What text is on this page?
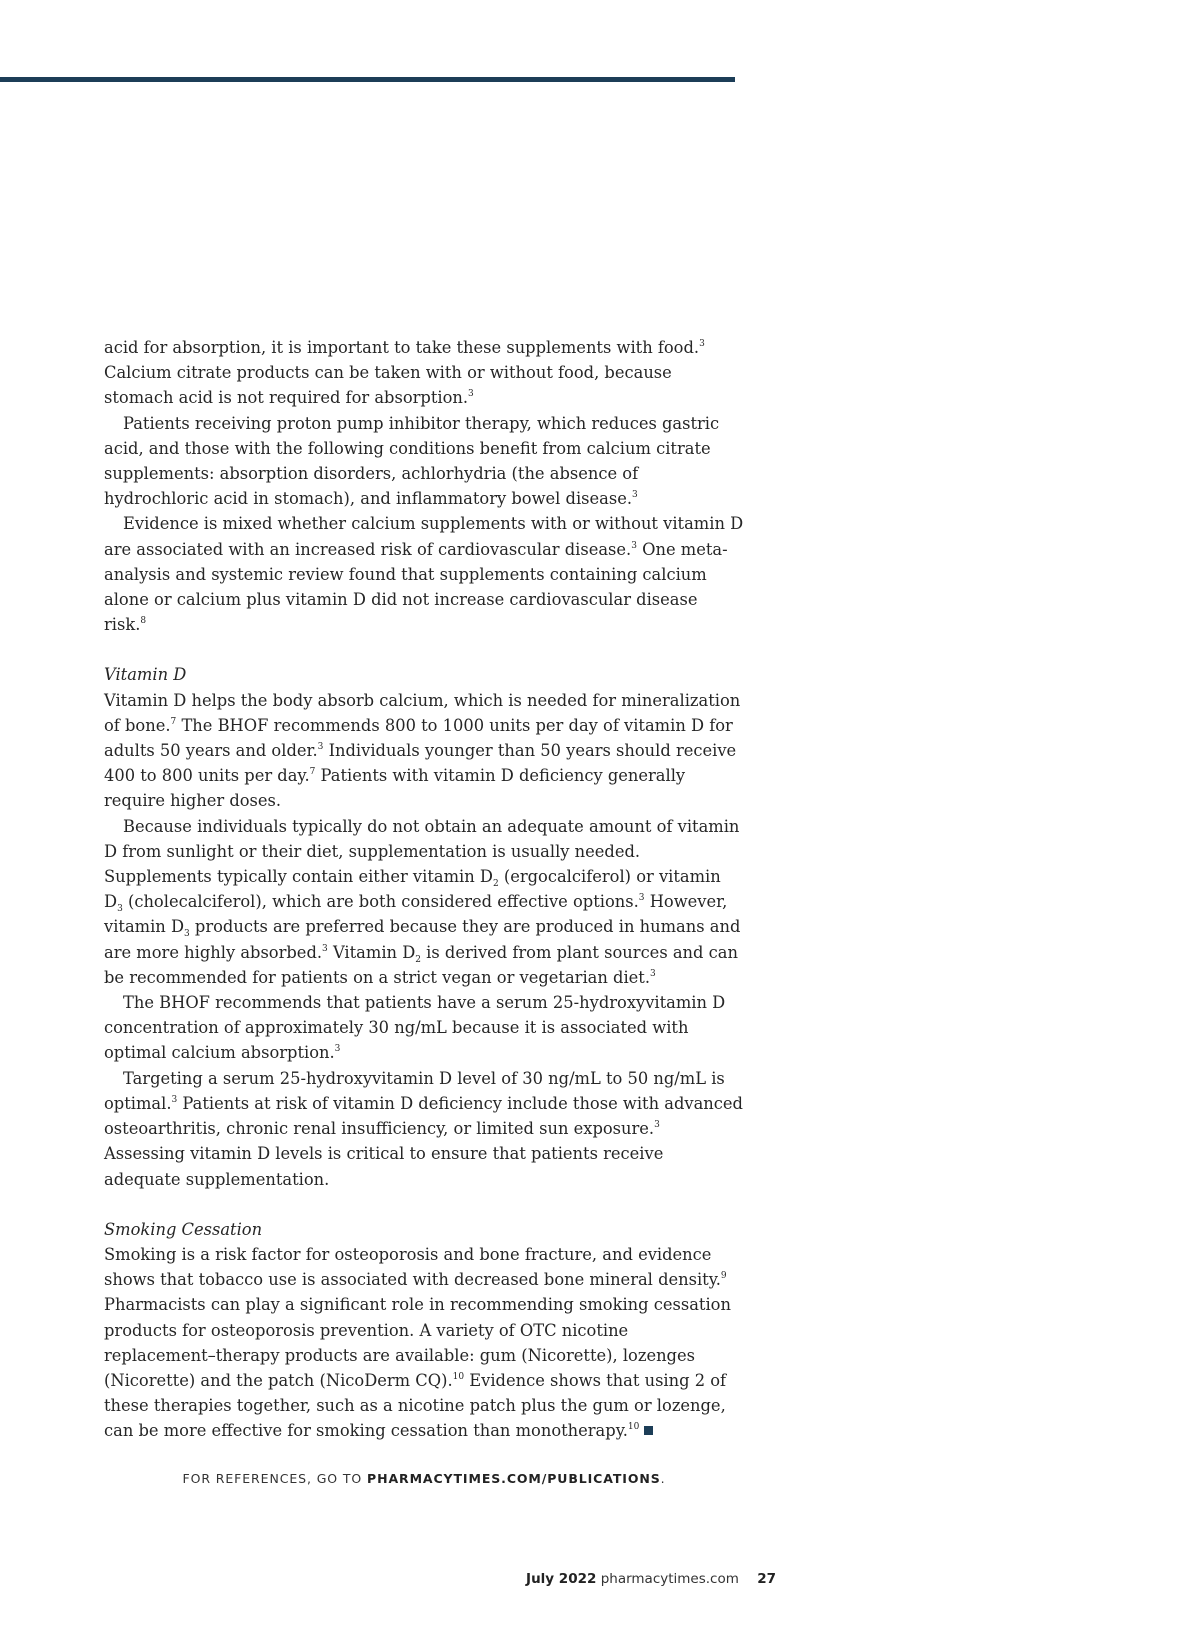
acid for absorption, it is important to take these supplements with food.$^3$ Calcium citrate products can be taken with or without food, because stomach acid is not required for absorption.$^3$

Patients receiving proton pump inhibitor therapy, which reduces gastric acid, and those with the following conditions benefit from calcium citrate supplements: absorption disorders, achlorhydria (the absence of hydrochloric acid in stomach), and inflammatory bowel disease.$^3$

Evidence is mixed whether calcium supplements with or without vitamin D are associated with an increased risk of cardiovascular disease.$^3$ One meta-analysis and systemic review found that supplements containing calcium alone or calcium plus vitamin D did not increase cardiovascular disease risk.$^8$

Vitamin D

Vitamin D helps the body absorb calcium, which is needed for mineralization of bone.$^7$ The BHOF recommends 800 to 1000 units per day of vitamin D for adults 50 years and older.$^3$ Individuals younger than 50 years should receive 400 to 800 units per day.$^7$ Patients with vitamin D deficiency generally require higher doses.

Because individuals typically do not obtain an adequate amount of vitamin D from sunlight or their diet, supplementation is usually needed. Supplements typically contain either vitamin $D_2$ (ergocalciferol) or vitamin $D_3$ (cholecalciferol), which are both considered effective options.$^3$ However, vitamin $D_3$ products are preferred because they are produced in humans and are more highly absorbed.$^3$ Vitamin $D_2$ is derived from plant sources and can be recommended for patients on a strict vegan or vegetarian diet.$^3$

The BHOF recommends that patients have a serum 25-hydroxyvitamin D concentration of approximately 30 ng/mL because it is associated with optimal calcium absorption.$^3$

Targeting a serum 25-hydroxyvitamin D level of 30 ng/mL to 50 ng/mL is optimal.$^3$ Patients at risk of vitamin D deficiency include those with advanced osteoarthritis, chronic renal insufficiency, or limited sun exposure.$^3$ Assessing vitamin D levels is critical to ensure that patients receive adequate supplementation.

Smoking Cessation

Smoking is a risk factor for osteoporosis and bone fracture, and evidence shows that tobacco use is associated with decreased bone mineral density.$^9$ Pharmacists can play a significant role in recommending smoking cessation products for osteoporosis prevention. A variety of OTC nicotine replacement–therapy products are available: gum (Nicorette), lozenges (Nicorette) and the patch (NicoDerm CQ).$^{10}$ Evidence shows that using 2 of these therapies together, such as a nicotine patch plus the gum or lozenge, can be more effective for smoking cessation than monotherapy.$^{10}$

FOR REFERENCES, GO TO PHARMACYTIMES.COM/PUBLICATIONS.
July 2022 pharmacytimes.com 27
